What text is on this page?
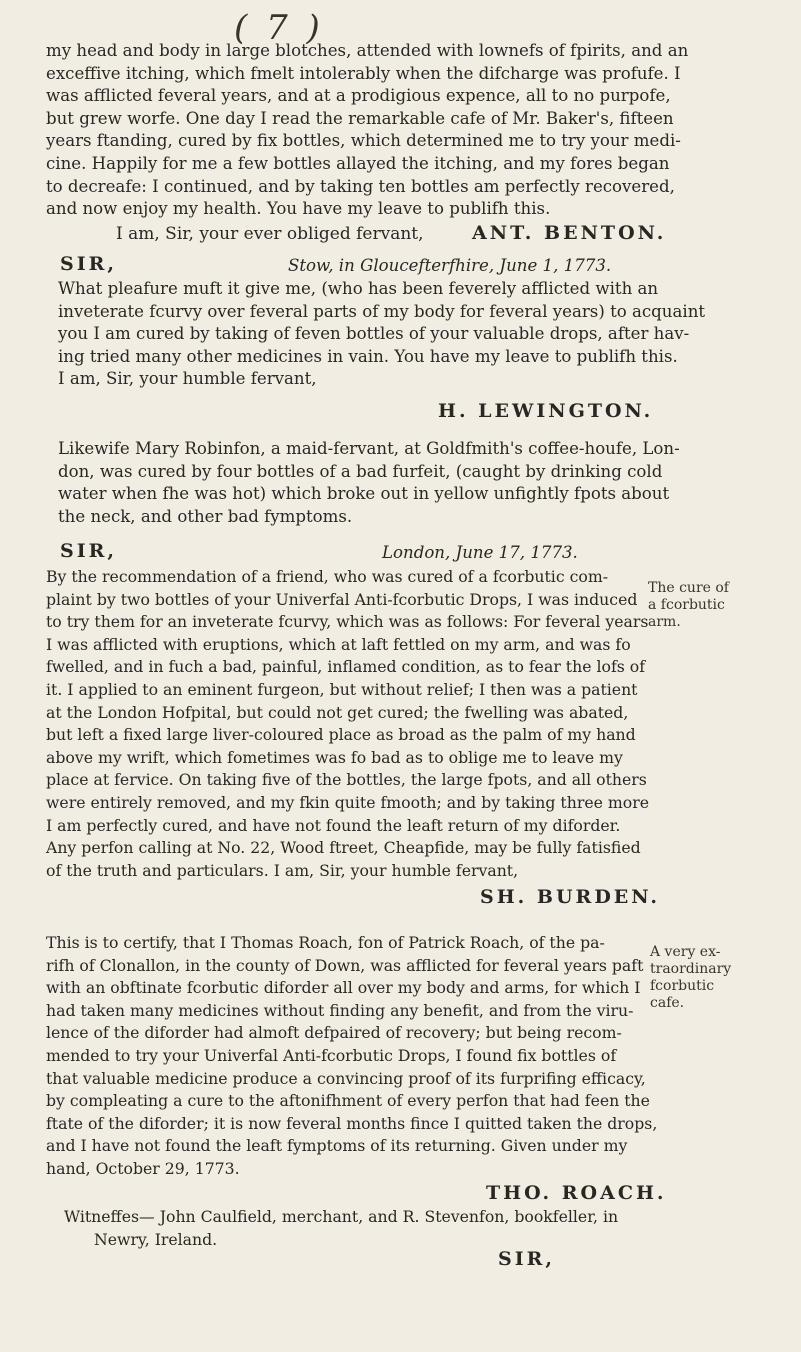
( 7 )
my head and body in large blotches, attended with lownefs of fpirits, and an
exceffive itching, which fmelt intolerably when the difcharge was profufe. I
was afflicted feveral years, and at a prodigious expence, all to no purpofe,
but grew worfe. One day I read the remarkable cafe of Mr. Baker's, fifteen
years ftanding, cured by fix bottles, which determined me to try your medi-
cine. Happily for me a few bottles allayed the itching, and my fores began
to decreafe: I continued, and by taking ten bottles am perfectly recovered,
and now enjoy my health. You have my leave to publifh this.
I am, Sir, your ever obliged fervant,	ANT. BENTON.
SIR,	Stow, in Gloucefterfhire, June 1, 1773.
What pleafure muft it give me, (who has been feverely afflicted with an
inveterate fcurvy over feveral parts of my body for feveral years) to acquaint
you I am cured by taking of feven bottles of your valuable drops, after hav-
ing tried many other medicines in vain. You have my leave to publifh this.
I am, Sir, your humble fervant,
H. LEWINGTON.
Likewife Mary Robinfon, a maid-fervant, at Goldfmith's coffee-houfe, Lon-
don, was cured by four bottles of a bad furfeit, (caught by drinking cold
water when fhe was hot) which broke out in yellow unfightly fpots about
the neck, and other bad fymptoms.
SIR,	London, June 17, 1773.
By the recommendation of a friend, who was cured of a fcorbutic com-
plaint by two bottles of your Univerfal Anti-fcorbutic Drops, I was induced
to try them for an inveterate fcurvy, which was as follows: For feveral years
I was afflicted with eruptions, which at laft fettled on my arm, and was fo
fwelled, and in fuch a bad, painful, inflamed condition, as to fear the lofs of
it. I applied to an eminent furgeon, but without relief; I then was a patient
at the London Hofpital, but could not get cured; the fwelling was abated,
but left a fixed large liver-coloured place as broad as the palm of my hand
above my wrift, which fometimes was fo bad as to oblige me to leave my
place at fervice. On taking five of the bottles, the large fpots, and all others
were entirely removed, and my fkin quite fmooth; and by taking three more
I am perfectly cured, and have not found the leaft return of my diforder.
Any perfon calling at No. 22, Wood ftreet, Cheapfide, may be fully fatisfied
of the truth and particulars. I am, Sir, your humble fervant,
The cure of
a fcorbutic
arm.
SH. BURDEN.
This is to certify, that I Thomas Roach, fon of Patrick Roach, of the pa-
rifh of Clonallon, in the county of Down, was afflicted for feveral years paft
with an obftinate fcorbutic diforder all over my body and arms, for which I
had taken many medicines without finding any benefit, and from the viru-
lence of the diforder had almoft defpaired of recovery; but being recom-
mended to try your Univerfal Anti-fcorbutic Drops, I found fix bottles of
that valuable medicine produce a convincing proof of its furprifing efficacy,
by compleating a cure to the aftonifhment of every perfon that had feen the
ftate of the diforder; it is now feveral months fince I quitted taken the drops,
and I have not found the leaft fymptoms of its returning. Given under my
hand, October 29, 1773.
A very ex-
traordinary
fcorbutic
cafe.
THO. ROACH.
Witneffes— John Caulfield, merchant, and R. Stevenfon, bookfeller, in
Newry, Ireland.
SIR,
